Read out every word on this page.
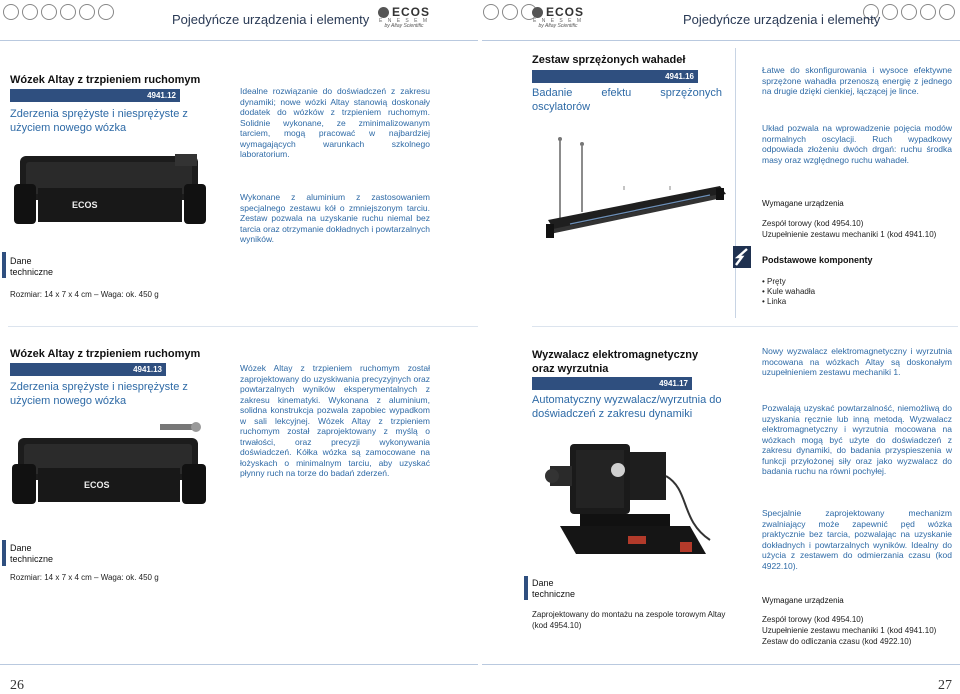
Pojedyńcze urządzenia i elementy ECOS
E N E S E M
by Altay Scientific
ECOS
E N E S E M
by Altay Scientific	Pojedyńcze urządzenia i elementy
Wózek Altay z trzpieniem ruchomym
4941.12
Zderzenia sprężyste i niesprężyste z użyciem nowego wózka
ECOS
Dane
techniczne
Rozmiar: 14 x 7 x 4 cm – Waga: ok. 450 g
Idealne rozwiązanie do doświadczeń z zakresu dynamiki; nowe wózki Altay stanowią doskonały dodatek do wózków z trzpieniem ruchomym. Solidnie wykonane, ze zminimalizowanym tarciem, mogą pracować w najbardziej wymagających warunkach szkolnego laboratorium.
Wykonane z aluminium z zastosowaniem specjalnego zestawu kół o zmniejszonym tarciu. Zestaw pozwala na uzyskanie ruchu niemal bez tarcia oraz otrzymanie dokładnych i powtarzalnych wyników.
Wózek Altay z trzpieniem ruchomym
4941.13
Zderzenia sprężyste i niesprężyste z użyciem nowego wózka
ECOS
Dane
techniczne
Rozmiar: 14 x 7 x 4 cm – Waga: ok. 450 g
Wózek Altay z trzpieniem ruchomym został zaprojektowany do uzyskiwania precyzyjnych oraz powtarzalnych wyników eksperymentalnych z zakresu kinematyki. Wykonana z aluminium, solidna konstrukcja pozwala zapobiec wypadkom w sali lekcyjnej. Wózek Altay z trzpieniem ruchomym został zaprojektowany z myślą o trwałości, oraz precyzji wykonywania doświadczeń. Kółka wózka są zamocowane na łożyskach o minimalnym tarciu, aby uzyskać płynny ruch na torze do badań zderzeń.
26
Zestaw sprzężonych wahadeł
4941.16
Badanie efektu sprzężonych oscylatorów
Łatwe do skonfigurowania i wysoce efektywne sprzężone wahadła przenoszą energię z jednego na drugie dzięki cienkiej, łączącej je lince.
Układ pozwala na wprowadzenie pojęcia modów normalnych oscylacji. Ruch wypadkowy odpowiada złożeniu dwóch drgań: ruchu środka masy oraz względnego ruchu wahadeł.
Wymagane urządzenia
Zespół torowy (kod 4954.10)
Uzupełnienie zestawu mechaniki 1 (kod 4941.10)
Podstawowe komponenty
• Pręty
• Kule wahadła
• Linka
Wyzwalacz elektromagnetyczny oraz wyrzutnia
4941.17
Automatyczny wyzwalacz/wyrzutnia do doświadczeń z zakresu dynamiki
Dane
techniczne
Zaprojektowany do montażu na zespole torowym Altay (kod 4954.10)
Nowy wyzwalacz elektromagnetyczny i wyrzutnia mocowana na wózkach Altay są doskonałym uzupełnieniem zestawu mechaniki 1.
Pozwalają uzyskać powtarzalność, niemożliwą do uzyskania ręcznie lub inną metodą. Wyzwalacz elektromagnetyczny i wyrzutnia mocowana na wózkach mogą być użyte do doświadczeń z zakresu dynamiki, do badania przyspieszenia w funkcji przyłożonej siły oraz jako wyzwalacz do badania ruchu na równi pochyłej.
Specjalnie zaprojektowany mechanizm zwalniający może zapewnić pęd wózka praktycznie bez tarcia, pozwalając na uzyskanie dokładnych i powtarzalnych wyników. Idealny do użycia z zestawem do odmierzania czasu (kod 4922.10).
Wymagane urządzenia
Zespół torowy (kod 4954.10)
Uzupełnienie zestawu mechaniki 1 (kod 4941.10)
Zestaw do odliczania czasu (kod 4922.10)
27
